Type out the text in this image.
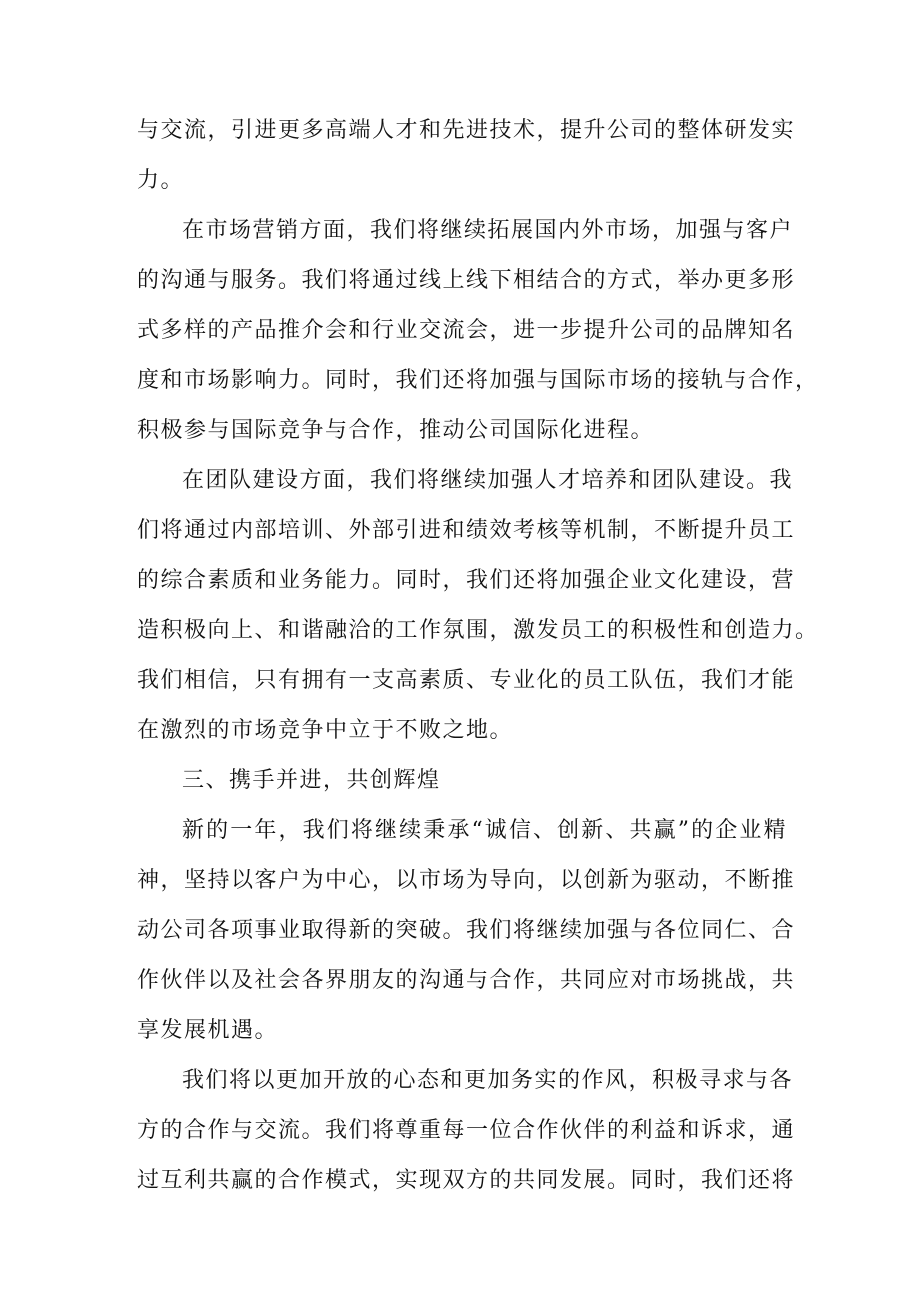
与交流，引进更多高端人才和先进技术，提升公司的整体研发实
力。
在市场营销方面，我们将继续拓展国内外市场，加强与客户
的沟通与服务。我们将通过线上线下相结合的方式，举办更多形
式多样的产品推介会和行业交流会，进一步提升公司的品牌知名
度和市场影响力。同时，我们还将加强与国际市场的接轨与合作，
积极参与国际竞争与合作，推动公司国际化进程。
在团队建设方面，我们将继续加强人才培养和团队建设。我
们将通过内部培训、外部引进和绩效考核等机制，不断提升员工
的综合素质和业务能力。同时，我们还将加强企业文化建设，营
造积极向上、和谐融洽的工作氛围，激发员工的积极性和创造力。
我们相信，只有拥有一支高素质、专业化的员工队伍，我们才能
在激烈的市场竞争中立于不败之地。
三、携手并进，共创辉煌
新的一年，我们将继续秉承“诚信、创新、共赢”的企业精
神，坚持以客户为中心，以市场为导向，以创新为驱动，不断推
动公司各项事业取得新的突破。我们将继续加强与各位同仁、合
作伙伴以及社会各界朋友的沟通与合作，共同应对市场挑战，共
享发展机遇。
我们将以更加开放的心态和更加务实的作风，积极寻求与各
方的合作与交流。我们将尊重每一位合作伙伴的利益和诉求，通
过互利共赢的合作模式，实现双方的共同发展。同时，我们还将
